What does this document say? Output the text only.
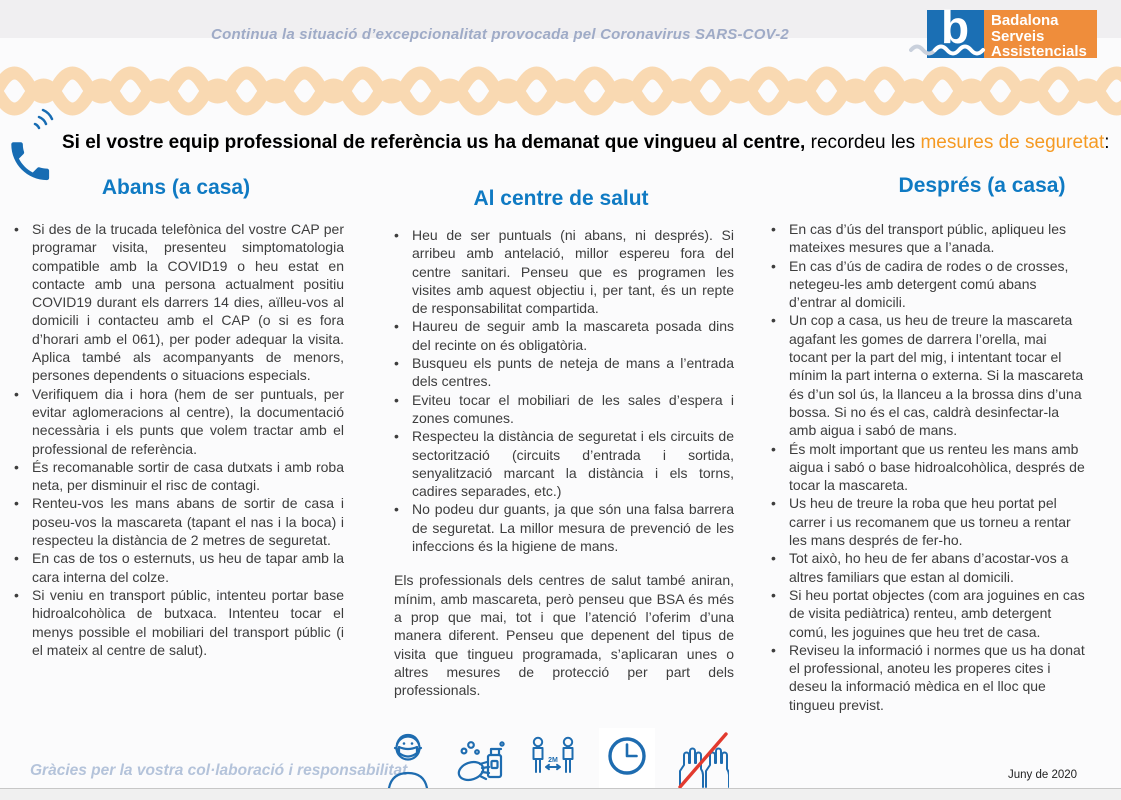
Continua la situació d’excepcionalitat provocada pel Coronavirus SARS-COV-2	b Badalona
Serveis
Assistencials
Si el vostre equip professional de referència us ha demanat que vingueu al centre, recordeu les mesures de seguretat:
Abans (a casa)	Al centre de salut
Després (a casa)
• Si des de la trucada telefònica del vostre CAP per programar visita, presenteu simptomatologia compatible amb la COVID19 o heu estat en contacte amb una persona actualment positiu COVID19 durant els darrers 14 dies, aïlleu-vos al domicili i contacteu amb el CAP (o si es fora d’horari amb el 061), per poder adequar la visita. Aplica també als acompanyants de menors, persones dependents o situacions especials.
• Verifiquem dia i hora (hem de ser puntuals, per evitar aglomeracions al centre), la documentació necessària i els punts que volem tractar amb el professional de referència.
• És recomanable sortir de casa dutxats i amb roba neta, per disminuir el risc de contagi.
• Renteu-vos les mans abans de sortir de casa i poseu-vos la mascareta (tapant el nas i la boca) i respecteu la distància de 2 metres de seguretat.
• En cas de tos o esternuts, us heu de tapar amb la cara interna del colze.
• Si veniu en transport públic, intenteu portar base hidroalcohòlica de butxaca. Intenteu tocar el menys possible el mobiliari del transport públic (i el mateix al centre de salut).
• Heu de ser puntuals (ni abans, ni després). Si arribeu amb antelació, millor espereu fora del centre sanitari. Penseu que es programen les visites amb aquest objectiu i, per tant, és un repte de responsabilitat compartida.
• Haureu de seguir amb la mascareta posada dins del recinte on és obligatòria.
• Busqueu els punts de neteja de mans a l’entrada dels centres.
• Eviteu tocar el mobiliari de les sales d’espera i zones comunes.
• Respecteu la distància de seguretat i els circuits de sectorització (circuits d’entrada i sortida, senyalització marcant la distància i els torns, cadires separades, etc.)
• No podeu dur guants, ja que són una falsa barrera de seguretat. La millor mesura de prevenció de les infeccions és la higiene de mans.
Els professionals dels centres de salut també aniran, mínim, amb mascareta, però penseu que BSA és més a prop que mai, tot i que l’atenció l’oferim d’una manera diferent. Penseu que depenent del tipus de visita que tingueu programada, s’aplicaran unes o altres mesures de protecció per part dels professionals.
• En cas d’ús del transport públic, apliqueu les mateixes mesures que a l’anada.
• En cas d’ús de cadira de rodes o de crosses, netegeu-les amb detergent comú abans d’entrar al domicili.
• Un cop a casa, us heu de treure la mascareta agafant les gomes de darrera l’orella, mai tocant per la part del mig, i intentant tocar el mínim la part interna o externa. Si la mascareta és d’un sol ús, la llanceu a la brossa dins d’una bossa. Si no és el cas, caldrà desinfectar-la amb aigua i sabó de mans.
• És molt important que us renteu les mans amb aigua i sabó o base hidroalcohòlica, després de tocar la mascareta.
• Us heu de treure la roba que heu portat pel carrer i us recomanem que us torneu a rentar les mans després de fer-ho.
• Tot això, ho heu de fer abans d’acostar-vos a altres familiars que estan al domicili.
• Si heu portat objectes (com ara joguines en cas de visita pediàtrica) renteu, amb detergent comú, les joguines que heu tret de casa.
• Reviseu la informació i normes que us ha donat el professional, anoteu les properes cites i deseu la informació mèdica en el lloc que tingueu previst.
Gràcies per la vostra col·laboració i responsabilitat
2M
Juny de 2020
